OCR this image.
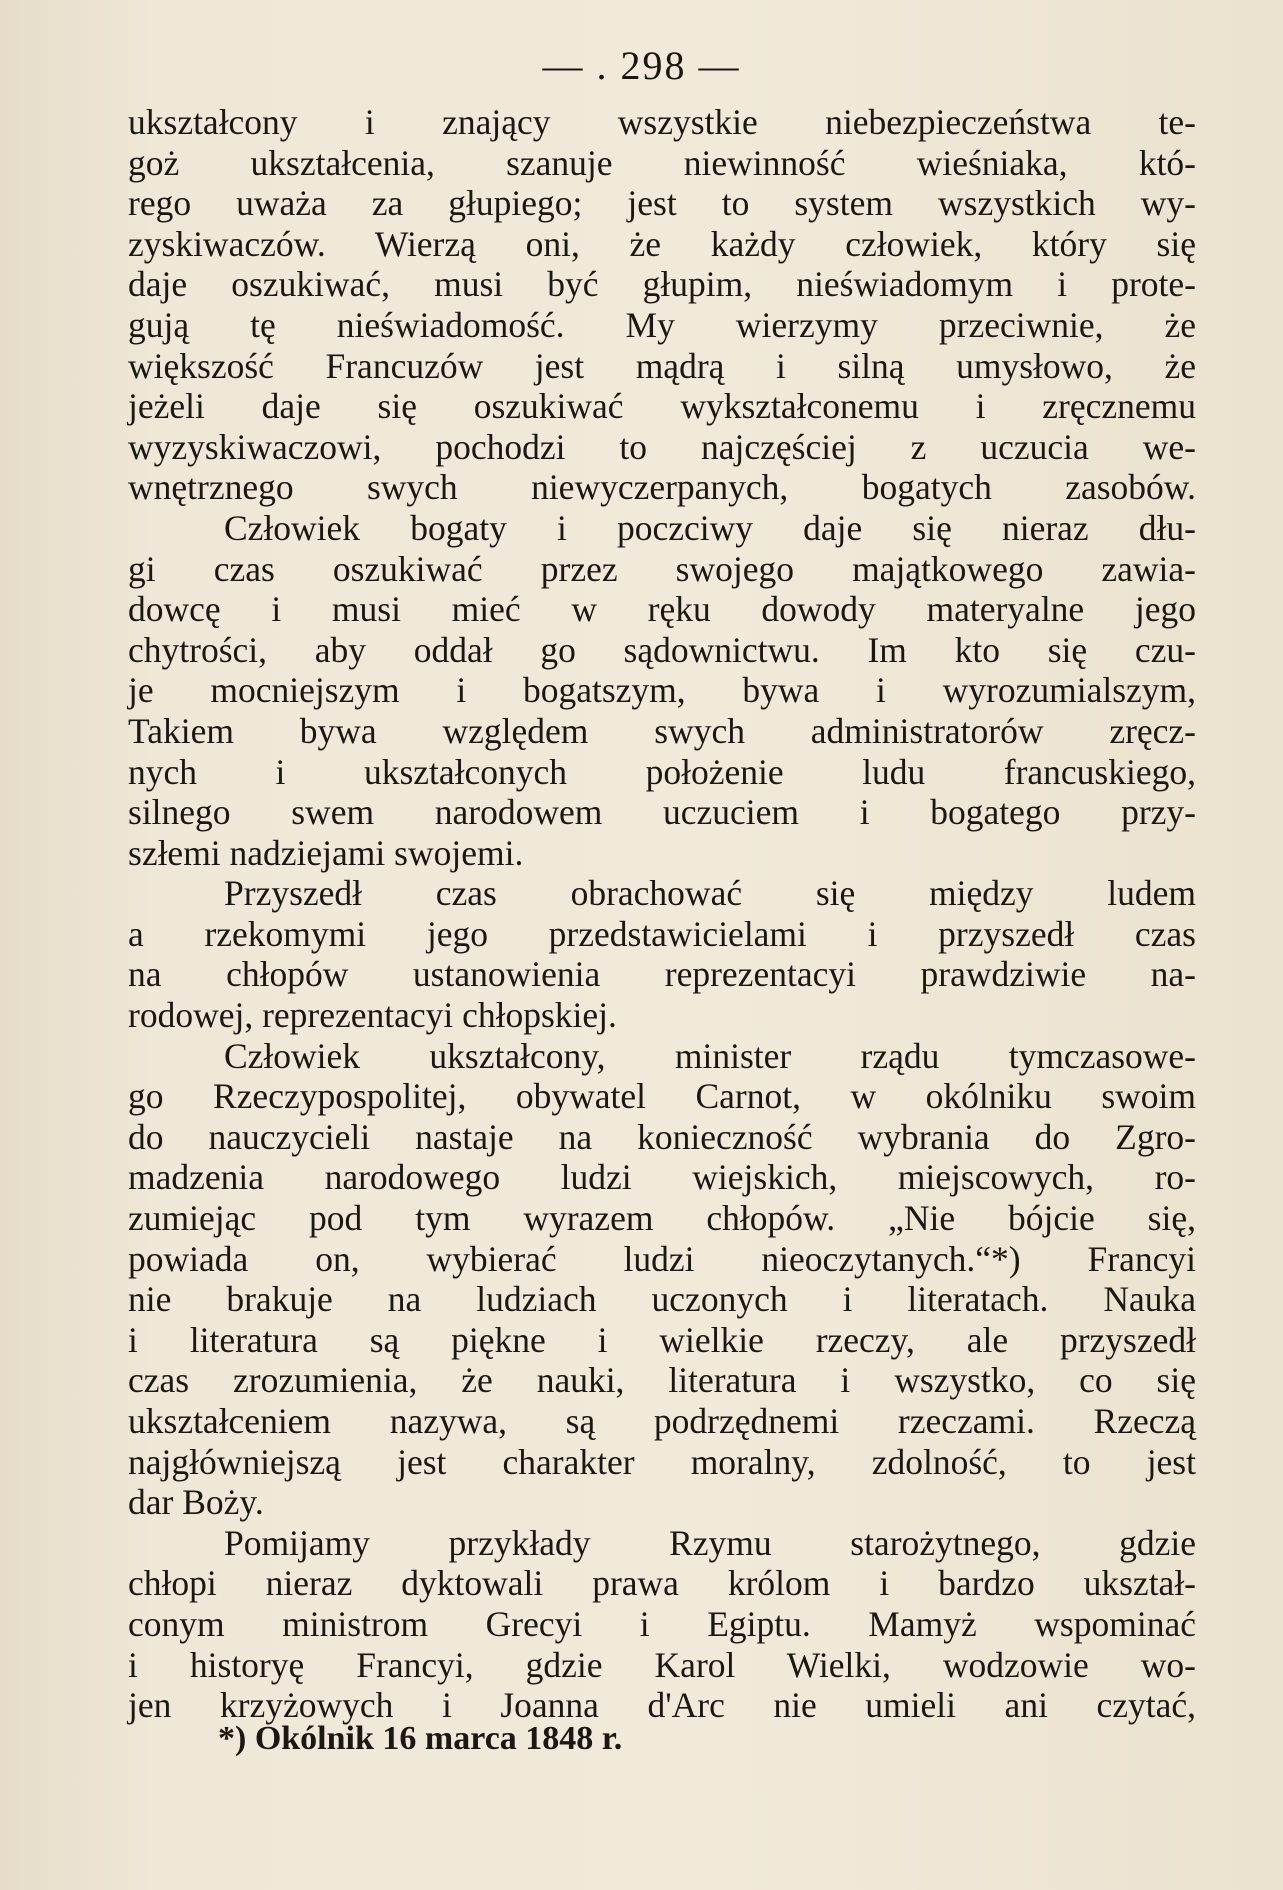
— . 298 —
ukształcony i znający wszystkie niebezpieczeństwa te-
goż ukształcenia, szanuje niewinność wieśniaka, któ-
rego uważa za głupiego; jest to system wszystkich wy-
zyskiwaczów. Wierzą oni, że każdy człowiek, który się
daje oszukiwać, musi być głupim, nieświadomym i prote-
gują tę nieświadomość. My wierzymy przeciwnie, że
większość Francuzów jest mądrą i silną umysłowo, że
jeżeli daje się oszukiwać wykształconemu i zręcznemu
wyzyskiwaczowi, pochodzi to najczęściej z uczucia we-
wnętrznego swych niewyczerpanych, bogatych zasobów.
Człowiek bogaty i poczciwy daje się nieraz dłu-
gi czas oszukiwać przez swojego majątkowego zawia-
dowcę i musi mieć w ręku dowody materyalne jego
chytrości, aby oddał go sądownictwu. Im kto się czu-
je mocniejszym i bogatszym, bywa i wyrozumialszym,
Takiem bywa względem swych administratorów zręcz-
nych i ukształconych położenie ludu francuskiego,
silnego swem narodowem uczuciem i bogatego przy-
szłemi nadziejami swojemi.
Przyszedł czas obrachować się między ludem
a rzekomymi jego przedstawicielami i przyszedł czas
na chłopów ustanowienia reprezentacyi prawdziwie na-
rodowej, reprezentacyi chłopskiej.
Człowiek ukształcony, minister rządu tymczasowe-
go Rzeczypospolitej, obywatel Carnot, w okólniku swoim
do nauczycieli nastaje na konieczność wybrania do Zgro-
madzenia narodowego ludzi wiejskich, miejscowych, ro-
zumiejąc pod tym wyrazem chłopów. „Nie bójcie się,
powiada on, wybierać ludzi nieoczytanych.“*) Francyi
nie brakuje na ludziach uczonych i literatach. Nauka
i literatura są piękne i wielkie rzeczy, ale przyszedł
czas zrozumienia, że nauki, literatura i wszystko, co się
ukształceniem nazywa, są podrzędnemi rzeczami. Rzeczą
najgłówniejszą jest charakter moralny, zdolność, to jest
dar Boży.
Pomijamy przykłady Rzymu starożytnego, gdzie
chłopi nieraz dyktowali prawa królom i bardzo ukształ-
conym ministrom Grecyi i Egiptu. Mamyż wspominać
i historyę Francyi, gdzie Karol Wielki, wodzowie wo-
jen krzyżowych i Joanna d'Arc nie umieli ani czytać,
*) Okólnik 16 marca 1848 r.
